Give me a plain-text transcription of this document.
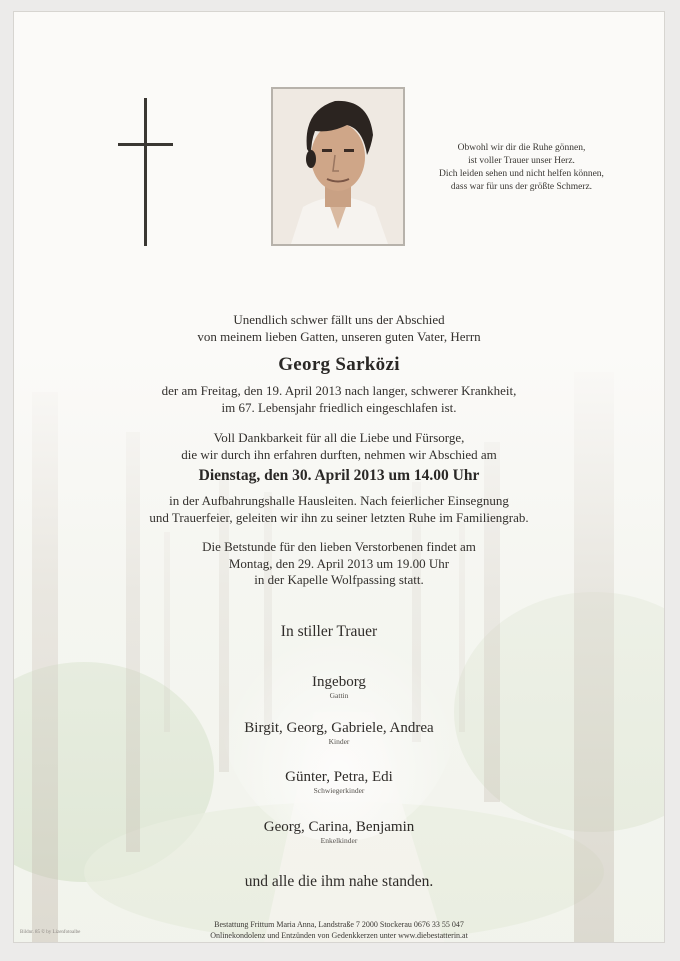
Obwohl wir dir die Ruhe gönnen,
ist voller Trauer unser Herz.
Dich leiden sehen und nicht helfen können,
dass war für uns der größte Schmerz.
Unendlich schwer fällt uns der Abschied
von meinem lieben Gatten, unseren guten Vater, Herrn
Georg Sarközi
der am Freitag, den 19. April 2013 nach langer, schwerer Krankheit,
im 67. Lebensjahr friedlich eingeschlafen ist.
Voll Dankbarkeit für all die Liebe und Fürsorge,
die wir durch ihn erfahren durften, nehmen wir Abschied am
Dienstag, den 30. April 2013 um 14.00 Uhr
in der Aufbahrungshalle Hausleiten. Nach feierlicher Einsegnung
und Trauerfeier, geleiten wir ihn zu seiner letzten Ruhe im Familiengrab.
Die Betstunde für den lieben Verstorbenen findet am
Montag, den 29. April 2013 um 19.00 Uhr
in der Kapelle Wolfpassing statt.
In stiller Trauer
Ingeborg
Gattin
Birgit, Georg, Gabriele, Andrea
Kinder
Günter, Petra, Edi
Schwiegerkinder
Georg, Carina, Benjamin
Enkelkinder
und alle die ihm nahe standen.
Bestattung Frittum Maria Anna, Landstraße 7 2000 Stockerau 0676 33 55 047
Onlinekondolenz und Entzünden von Gedenkkerzen unter www.diebestatterin.at
Bildnr. 85 © by Lizenfotoalbe
